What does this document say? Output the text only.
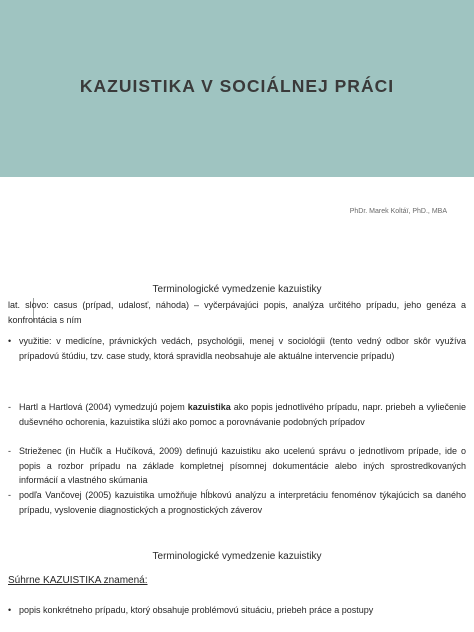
KAZUISTIKA V SOCIÁLNEJ PRÁCI
PhDr. Marek Koltáï, PhD., MBA
Terminologické vymedzenie kazuistiky
lat. slovo: casus (prípad, udalosť, náhoda) – vyčerpávajúci popis, analýza určitého prípadu, jeho genéza a konfrontácia s ním
• využitie: v medicíne, právnických vedách, psychológii, menej v sociológii (tento vedný odbor skôr využíva prípadovú štúdiu, tzv. case study, ktorá spravidla neobsahuje ale aktuálne intervencie prípadu)
- Hartl a Hartlová (2004) vymedzujú pojem kazuistika ako popis jednotlivého prípadu, napr. priebeh a vyliečenie duševného ochorenia, kazuistika slúži ako pomoc a porovnávanie podobných prípadov
- Strieženec (in Hučík a Hučíková, 2009) definujú kazuistiku ako ucelenú správu o jednotlivom prípade, ide o popis a rozbor prípadu na základe kompletnej písomnej dokumentácie alebo iných sprostredkovaných informácií a vlastného skúmania
- podľa Vančovej (2005) kazuistika umožňuje hĺbkovú analýzu a interpretáciu fenoménov týkajúcich sa daného prípadu, vyslovenie diagnostických a prognostických záverov
Terminologické vymedzenie kazuistiky
Súhrne KAZUISTIKA znamená:
• popis konkrétneho prípadu, ktorý obsahuje problémovú situáciu, priebeh práce a postupy
